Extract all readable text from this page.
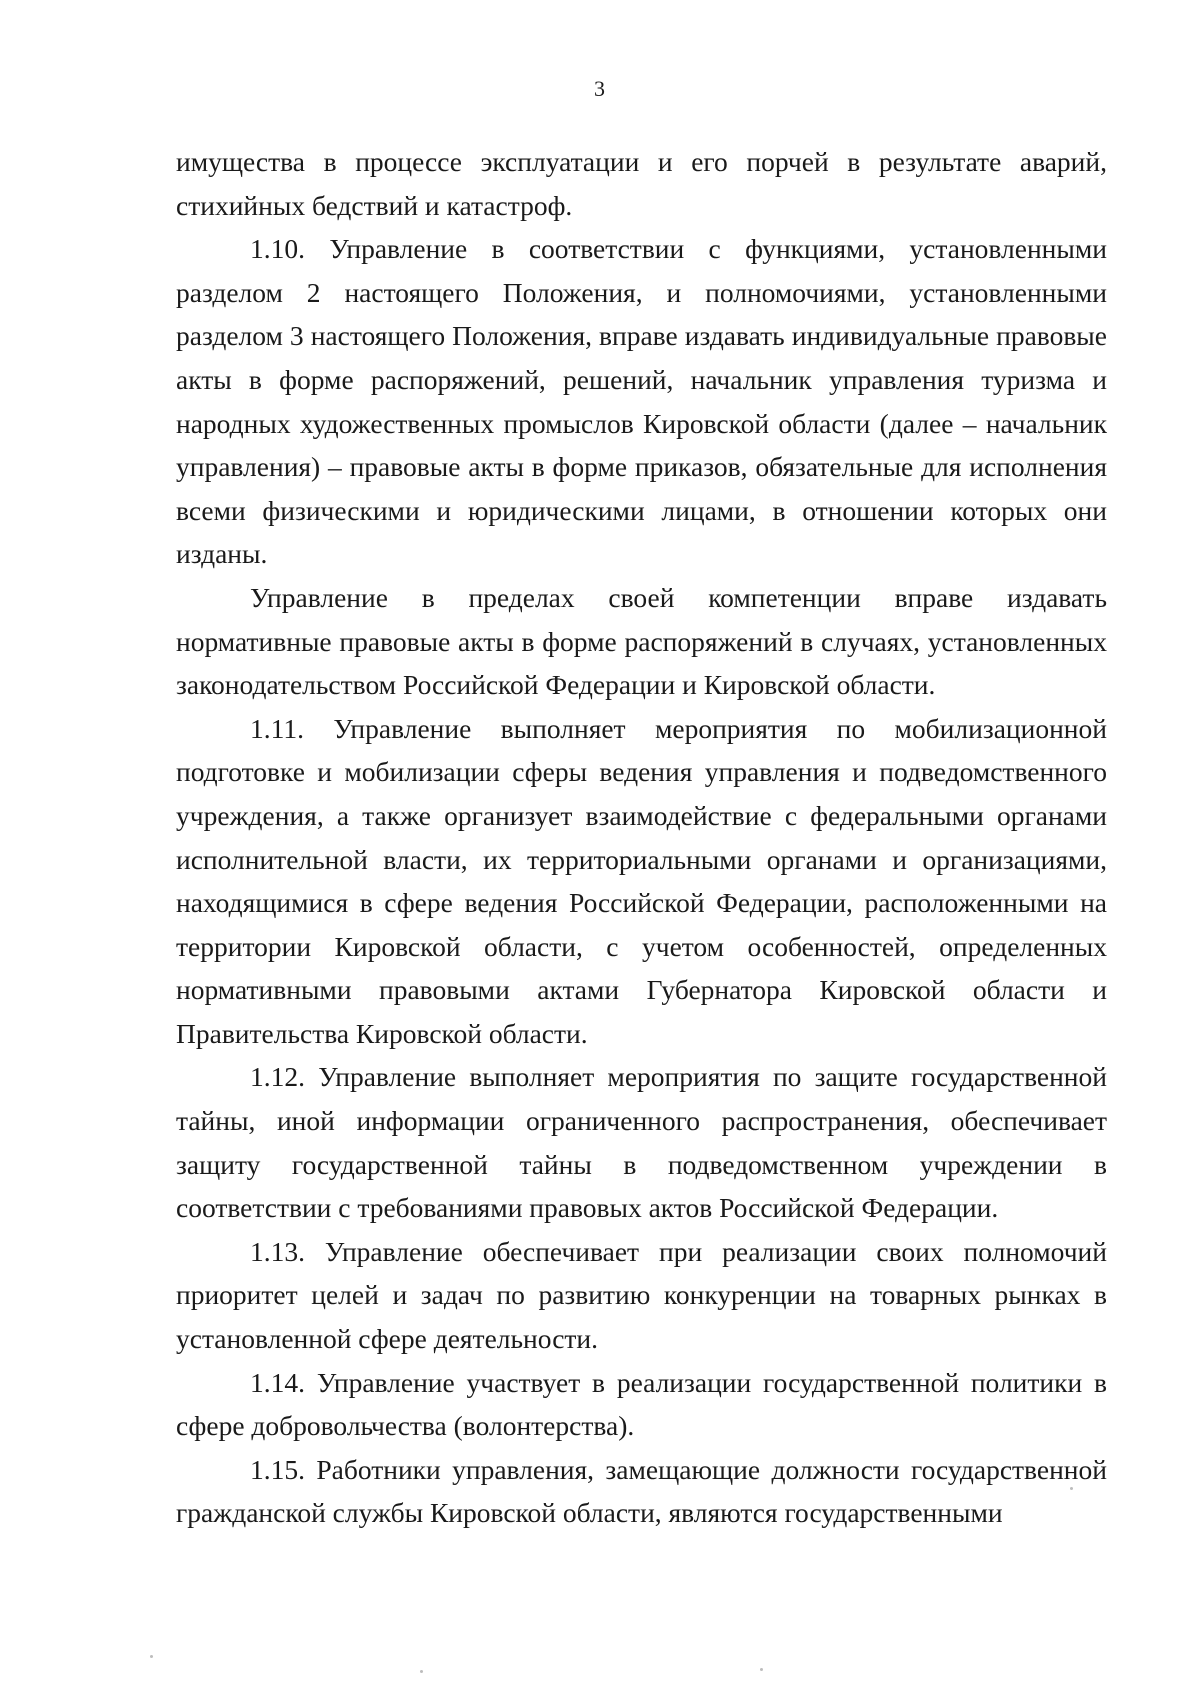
3

имущества в процессе эксплуатации и его порчей в результате аварий, стихийных бедствий и катастроф.

1.10. Управление в соответствии с функциями, установленными разделом 2 настоящего Положения, и полномочиями, установленными разделом 3 настоящего Положения, вправе издавать индивидуальные правовые акты в форме распоряжений, решений, начальник управления туризма и народных художественных промыслов Кировской области (далее – начальник управления) – правовые акты в форме приказов, обязательные для исполнения всеми физическими и юридическими лицами, в отношении которых они изданы.

Управление в пределах своей компетенции вправе издавать нормативные правовые акты в форме распоряжений в случаях, установленных законодательством Российской Федерации и Кировской области.

1.11. Управление выполняет мероприятия по мобилизационной подготовке и мобилизации сферы ведения управления и подведомственного учреждения, а также организует взаимодействие с федеральными органами исполнительной власти, их территориальными органами и организациями, находящимися в сфере ведения Российской Федерации, расположенными на территории Кировской области, с учетом особенностей, определенных нормативными правовыми актами Губернатора Кировской области и Правительства Кировской области.

1.12. Управление выполняет мероприятия по защите государственной тайны, иной информации ограниченного распространения, обеспечивает защиту государственной тайны в подведомственном учреждении в соответствии с требованиями правовых актов Российской Федерации.

1.13. Управление обеспечивает при реализации своих полномочий приоритет целей и задач по развитию конкуренции на товарных рынках в установленной сфере деятельности.

1.14. Управление участвует в реализации государственной политики в сфере добровольчества (волонтерства).

1.15. Работники управления, замещающие должности государственной гражданской службы Кировской области, являются государственными
